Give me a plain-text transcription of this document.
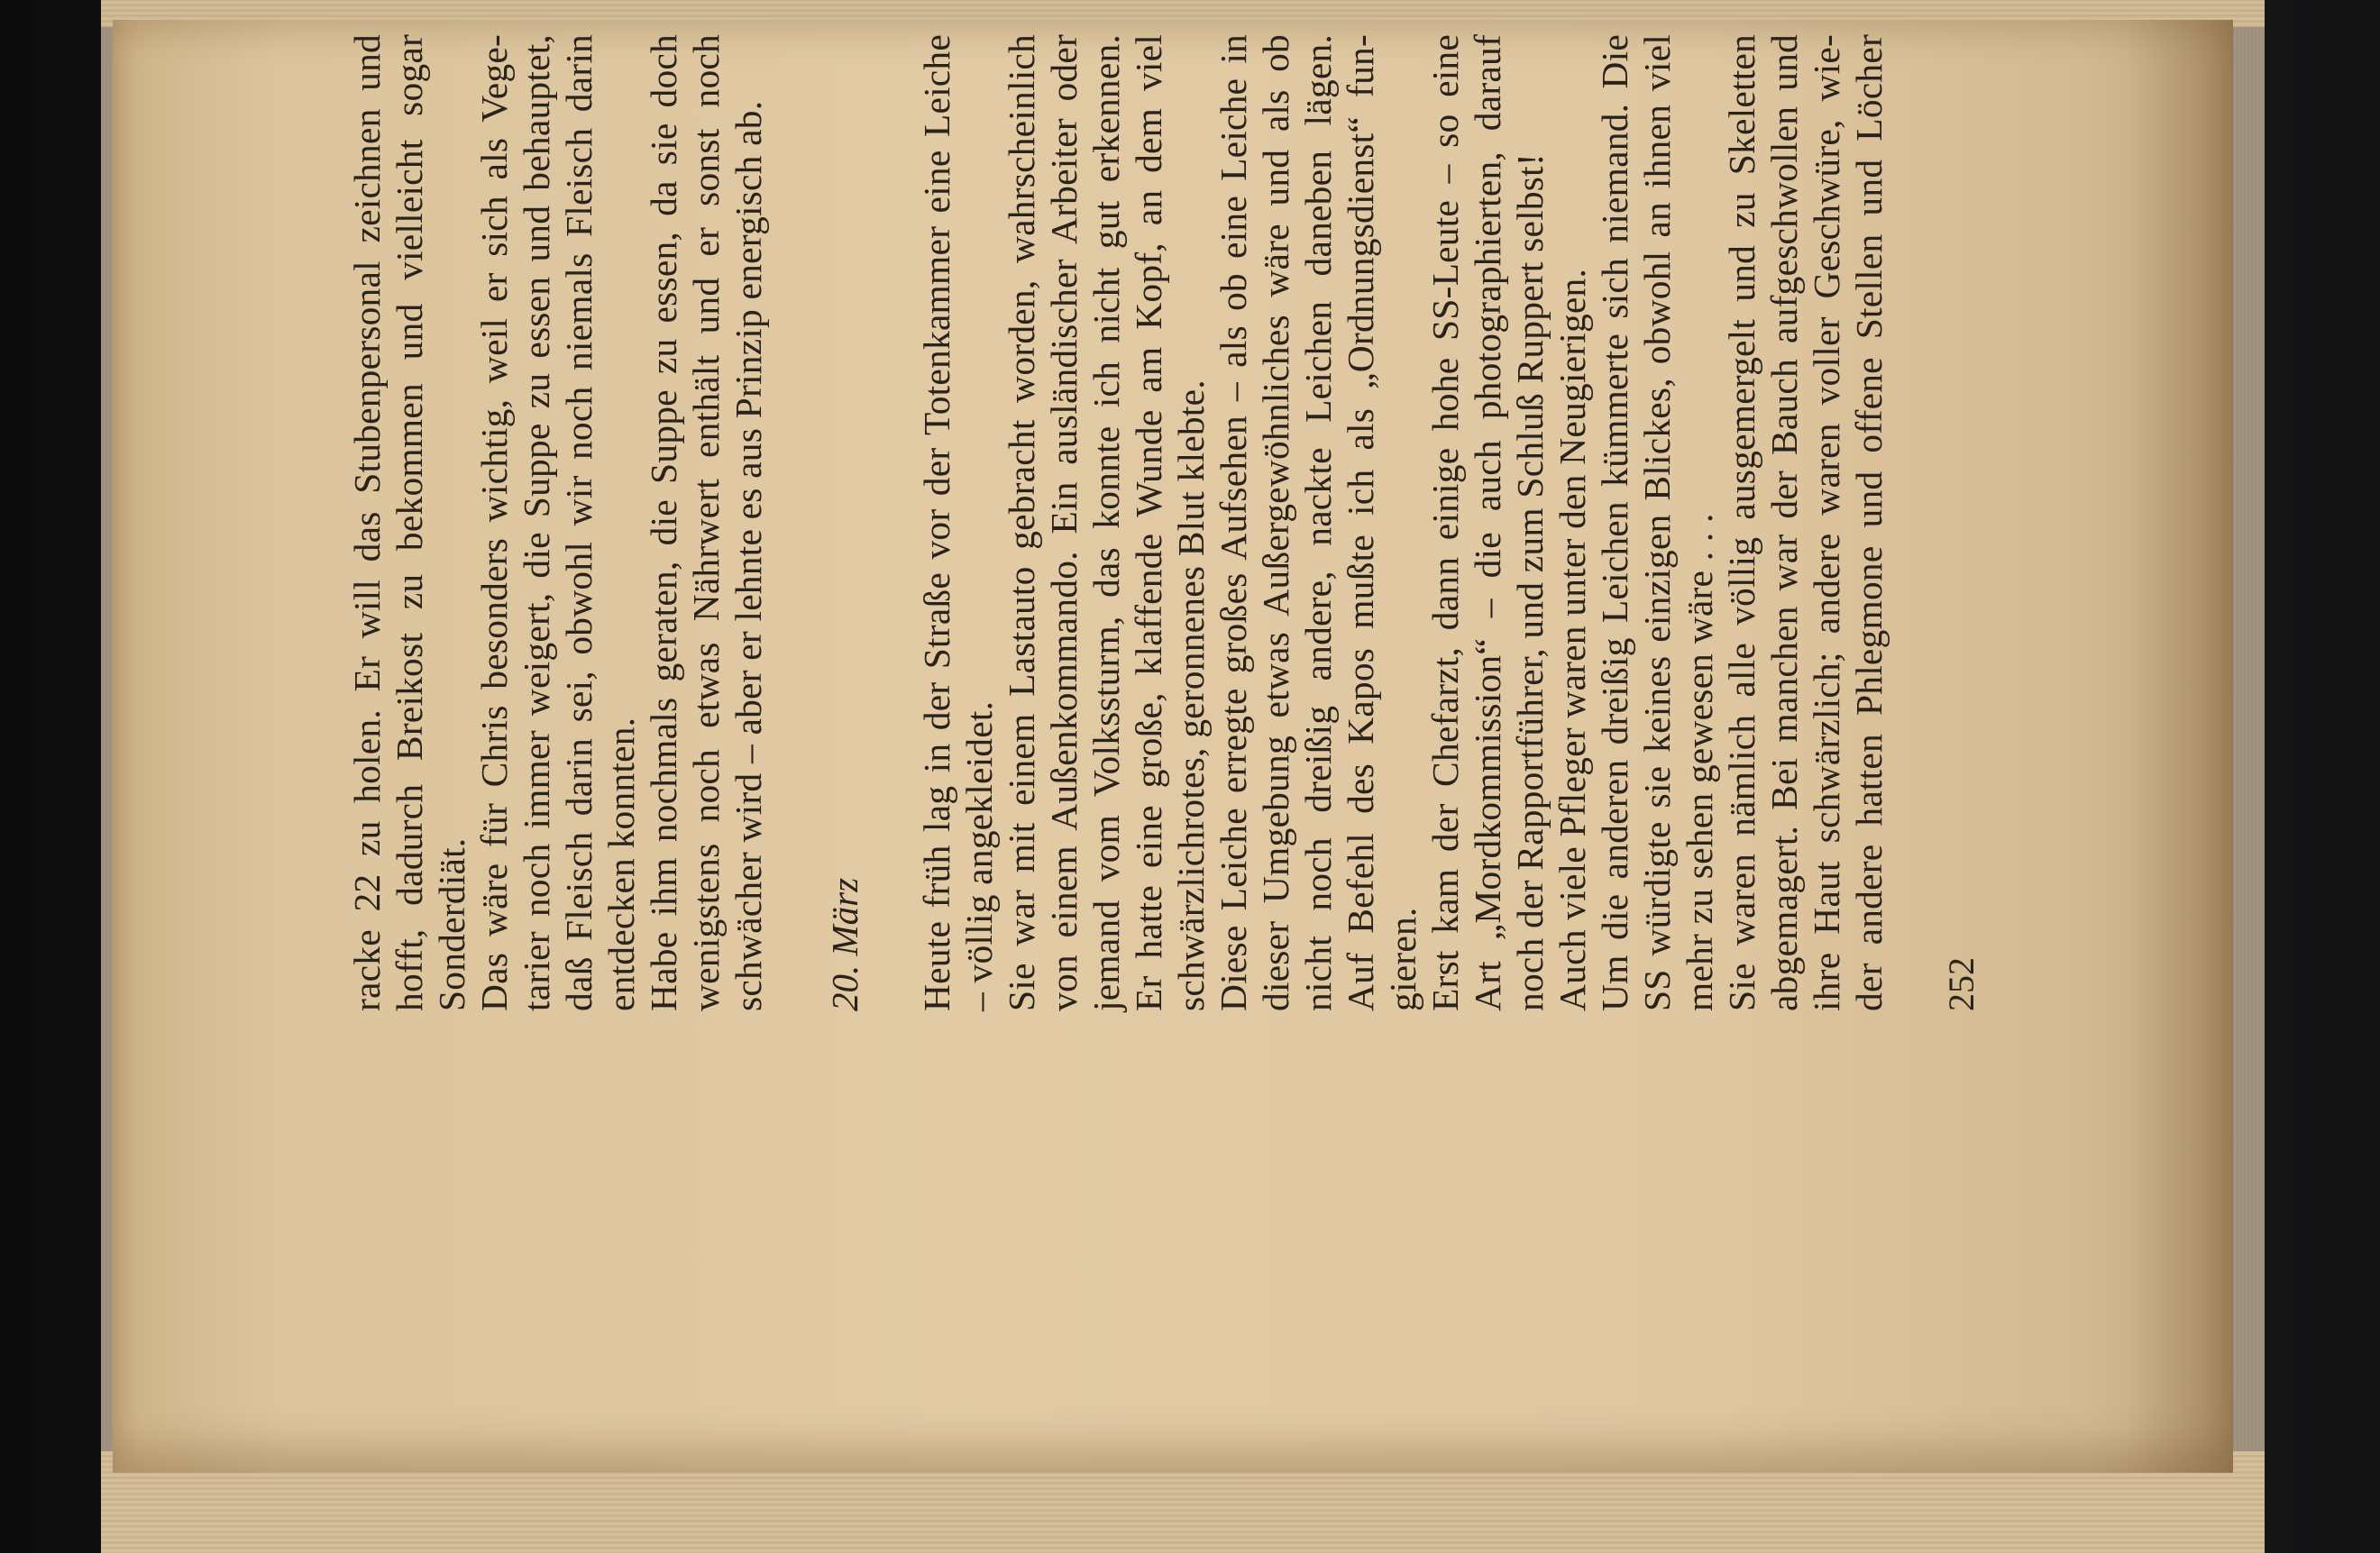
racke 22 zu holen. Er will das Stubenpersonal zeichnen und hofft, dadurch Breikost zu bekommen und vielleicht sogar Sonderdiät. Das wäre für Chris besonders wichtig, weil er sich als Vege- tarier noch immer weigert, die Suppe zu essen und behauptet, daß Fleisch darin sei, obwohl wir noch niemals Fleisch darin entdecken konnten. Habe ihm nochmals geraten, die Suppe zu essen, da sie doch wenigstens noch etwas Nährwert enthält und er sonst noch schwächer wird – aber er lehnte es aus Prinzip energisch ab. 20. März Heute früh lag in der Straße vor der Totenkammer eine Leiche – völlig angekleidet. Sie war mit einem Lastauto gebracht worden, wahrscheinlich von einem Außenkommando. Ein ausländischer Arbeiter oder jemand vom Volkssturm, das konnte ich nicht gut erkennen. Er hatte eine große, klaffende Wunde am Kopf, an dem viel schwärzlichrotes, geronnenes Blut klebte. Diese Leiche erregte großes Aufsehen – als ob eine Leiche in dieser Umgebung etwas Außergewöhnliches wäre und als ob nicht noch dreißig andere, nackte Leichen daneben lägen. Auf Befehl des Kapos mußte ich als „Ordnungsdienst“ fun- gieren. Erst kam der Chefarzt, dann einige hohe SS-Leute – so eine Art „Mordkommission“ – die auch photographierten, darauf noch der Rapportführer, und zum Schluß Ruppert selbst! Auch viele Pfleger waren unter den Neugierigen. Um die anderen dreißig Leichen kümmerte sich niemand. Die SS würdigte sie keines einzigen Blickes, obwohl an ihnen viel mehr zu sehen gewesen wäre . . . Sie waren nämlich alle völlig ausgemergelt und zu Skeletten abgemagert. Bei manchen war der Bauch aufgeschwollen und ihre Haut schwärzlich; andere waren voller Geschwüre, wie- der andere hatten Phlegmone und offene Stellen und Löcher 252
